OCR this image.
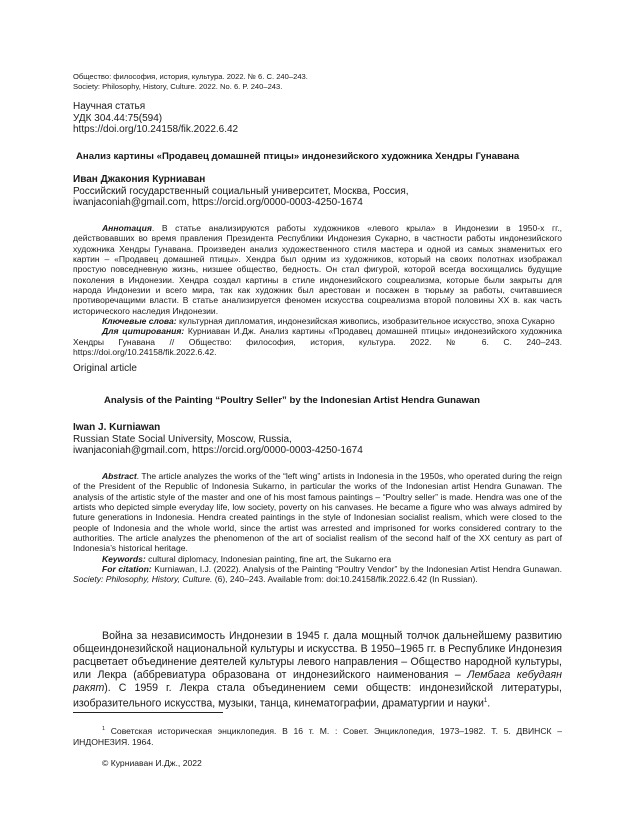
Общество: философия, история, культура. 2022. № 6. С. 240–243.
Society: Philosophy, History, Culture. 2022. No. 6. P. 240–243.
Научная статья
УДК 304.44:75(594)
https://doi.org/10.24158/fik.2022.6.42
Анализ картины «Продавец домашней птицы» индонезийского художника Хендры Гунавана
Иван Джакония Курниаван
Российский государственный социальный университет, Москва, Россия,
iwanjaconiah@gmail.com, https://orcid.org/0000-0003-4250-1674

Аннотация. В статье анализируются работы художников «левого крыла» в Индонезии в 1950-х гг., действовавших во время правления Президента Республики Индонезия Сукарно, в частности работы индонезийского художника Хендры Гунавана. Произведен анализ художественного стиля мастера и одной из самых знаменитых его картин – «Продавец домашней птицы». Хендра был одним из художников, который на своих полотнах изображал простую повседневную жизнь, низшее общество, бедность. Он стал фигурой, которой всегда восхищались будущие поколения в Индонезии. Хендра создал картины в стиле индонезийского соцреализма, которые были закрыты для народа Индонезии и всего мира, так как художник был арестован и посажен в тюрьму за работы, считавшиеся противоречащими власти. В статье анализируется феномен искусства соцреализма второй половины XX в. как часть исторического наследия Индонезии.

Ключевые слова: культурная дипломатия, индонезийская живопись, изобразительное искусство, эпоха Сукарно

Для цитирования: Курниаван И.Дж. Анализ картины «Продавец домашней птицы» индонезийского художника Хендры Гунавана // Общество: философия, история, культура. 2022. № 6. С. 240–243. https://doi.org/10.24158/fik.2022.6.42.

Original article
Analysis of the Painting “Poultry Seller” by the Indonesian Artist Hendra Gunawan
Iwan J. Kurniawan
Russian State Social University, Moscow, Russia,
iwanjaconiah@gmail.com, https://orcid.org/0000-0003-4250-1674

Abstract. The article analyzes the works of the “left wing” artists in Indonesia in the 1950s, who operated during the reign of the President of the Republic of Indonesia Sukarno, in particular the works of the Indonesian artist Hendra Gunawan. The analysis of the artistic style of the master and one of his most famous paintings – “Poultry seller” is made. Hendra was one of the artists who depicted simple everyday life, low society, poverty on his canvases. He became a figure who was always admired by future generations in Indonesia. Hendra created paintings in the style of Indonesian socialist realism, which were closed to the people of Indonesia and the whole world, since the artist was arrested and imprisoned for works considered contrary to the authorities. The article analyzes the phenomenon of the art of socialist realism of the second half of the XX century as part of Indonesia’s historical heritage.

Keywords: cultural diplomacy, Indonesian painting, fine art, the Sukarno era

For citation: Kurniawan, I.J. (2022). Analysis of the Painting “Poultry Vendor” by the Indonesian Artist Hendra Gunawan. Society: Philosophy, History, Culture. (6), 240–243. Available from: doi:10.24158/fik.2022.6.42 (In Russian).

Война за независимость Индонезии в 1945 г. дала мощный толчок дальнейшему развитию общеиндонезийской национальной культуры и искусства. В 1950–1965 гг. в Республике Индонезия расцветает объединение деятелей культуры левого направления – Общество народной культуры, или Лекра (аббревиатура образована от индонезийского наименования – Лембага кебудаян ракят). С 1959 г. Лекра стала объединением семи обществ: индонезийской литературы, изобразительного искусства, музыки, танца, кинематографии, драматургии и науки$^1$.

$^1$ Советская историческая энциклопедия. В 16 т. М. : Совет. Энциклопедия, 1973–1982. Т. 5. ДВИНСК – ИНДОНЕЗИЯ. 1964.

© Курниаван И.Дж., 2022
